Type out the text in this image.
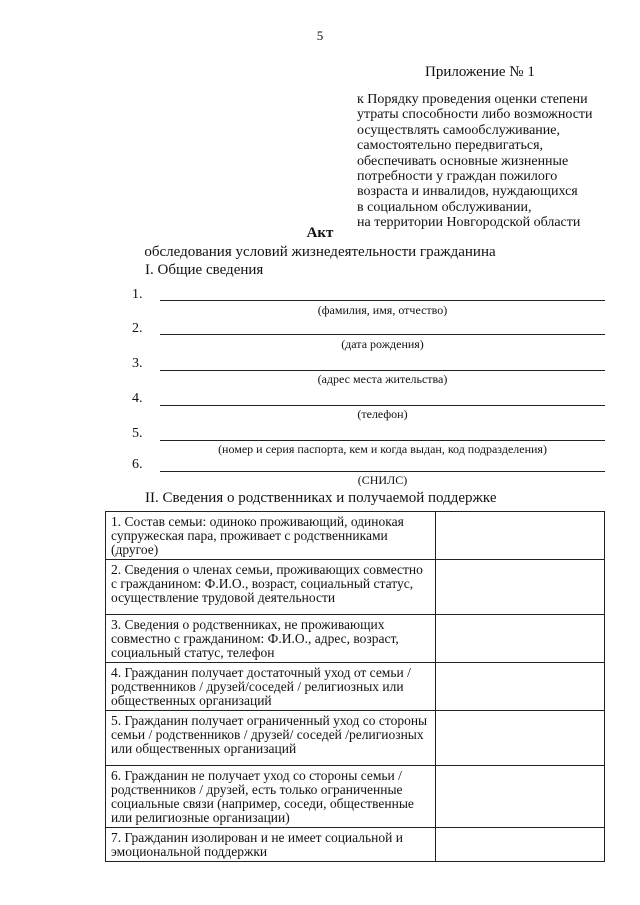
5
Приложение № 1
к Порядку проведения оценки степени
утраты способности либо возможности
осуществлять самообслуживание,
самостоятельно передвигаться,
обеспечивать основные жизненные
потребности у граждан пожилого
возраста и инвалидов, нуждающихся
в социальном обслуживании,
на территории Новгородской области
Акт
обследования условий жизнедеятельности гражданина
I. Общие сведения
1.
(фамилия, имя, отчество)
2.
(дата рождения)
3.
(адрес места жительства)
4.
(телефон)
5.
(номер и серия паспорта, кем и когда выдан, код подразделения)
6.
(СНИЛС)
II. Сведения о родственниках и получаемой поддержке
1. Состав семьи: одиноко проживающий, одинокая супружеская пара, проживает с родственниками (другое)	
2. Сведения о членах семьи, проживающих совместно с гражданином: Ф.И.О., возраст, социальный статус, осуществление трудовой деятельности	
3. Сведения о родственниках, не проживающих совместно с гражданином: Ф.И.О., адрес, возраст, социальный статус, телефон	
4. Гражданин получает достаточный уход от семьи / родственников / друзей/соседей / религиозных или общественных организаций	
5. Гражданин получает ограниченный уход со стороны семьи / родственников / друзей/ соседей /религиозных или общественных организаций	
6. Гражданин не получает уход со стороны семьи / родственников / друзей, есть только ограниченные социальные связи (например, соседи, общественные или религиозные организации)	
7. Гражданин изолирован и не имеет социальной и эмоциональной поддержки	
